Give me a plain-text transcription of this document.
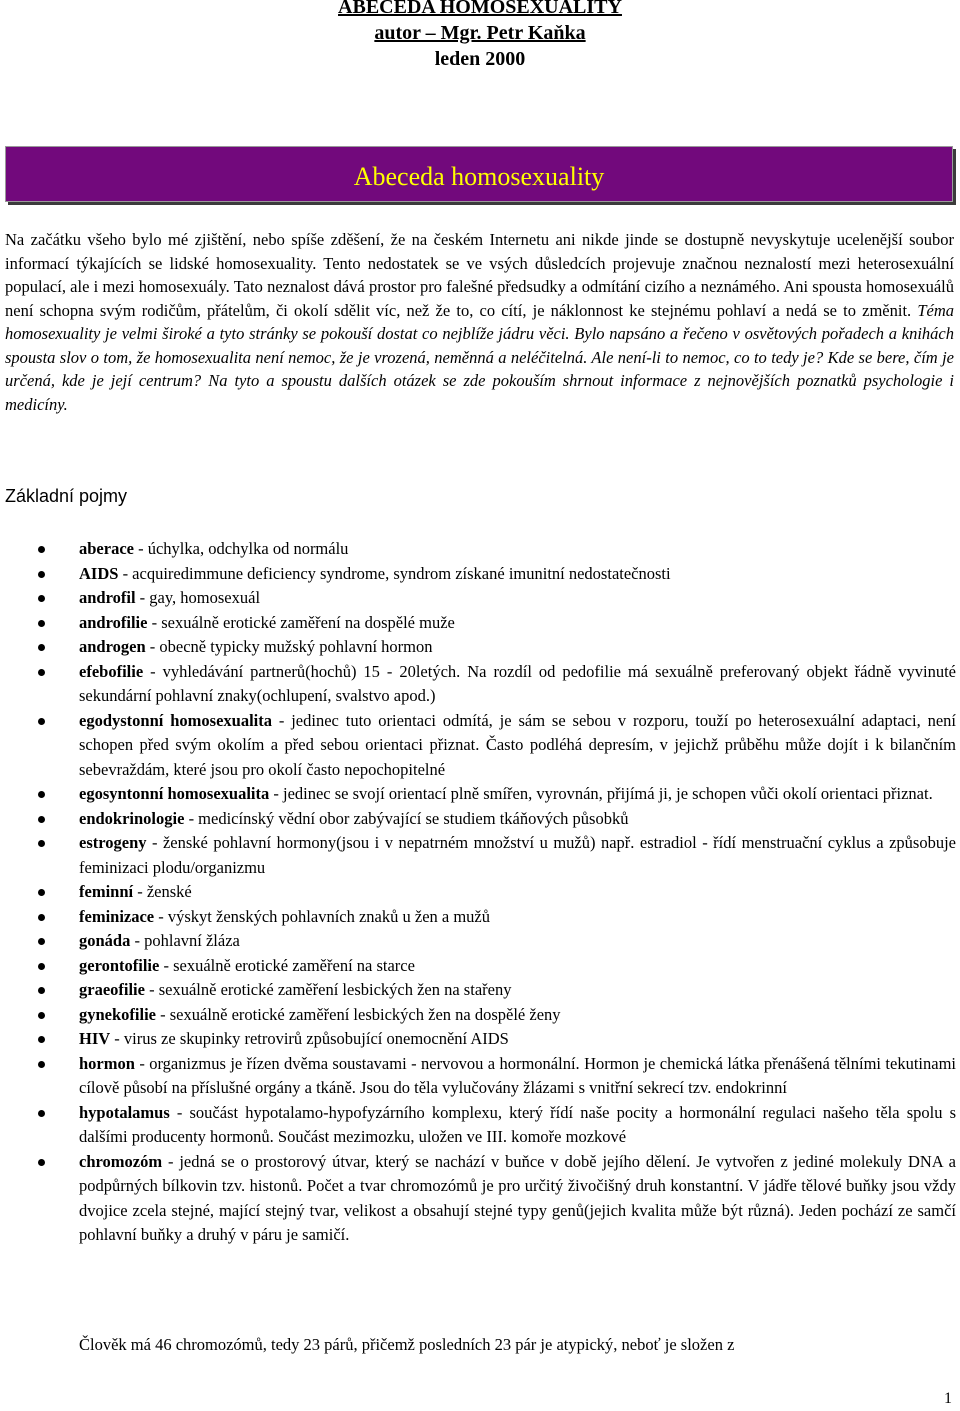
ABECEDA HOMOSEXUALITY
autor – Mgr. Petr Kaňka
leden 2000
Abeceda homosexuality
Na začátku všeho bylo mé zjištění, nebo spíše zděšení, že na českém Internetu ani nikde jinde se dostupně nevyskytuje ucelenější soubor informací týkajících se lidské homosexuality. Tento nedostatek se ve vsých důsledcích projevuje značnou neznalostí mezi heterosexuální populací, ale i mezi homosexuály. Tato neznalost dává prostor pro falešné předsudky a odmítání cizího a neznámého. Ani spousta homosexuálů není schopna svým rodičům, přátelům, či okolí sdělit víc, než že to, co cítí, je náklonnost ke stejnému pohlaví a nedá se to změnit. Téma homosexuality je velmi široké a tyto stránky se pokouší dostat co nejblíže jádru věci. Bylo napsáno a řečeno v osvětových pořadech a knihách spousta slov o tom, že homosexualita není nemoc, že je vrozená, neměnná a neléčitelná. Ale není-li to nemoc, co to tedy je? Kde se bere, čím je určená, kde je její centrum? Na tyto a spoustu dalších otázek se zde pokouším shrnout informace z nejnovějších poznatků psychologie i medicíny.
Základní pojmy
aberace - úchylka, odchylka od normálu
AIDS - acquiredimmune deficiency syndrome, syndrom získané imunitní nedostatečnosti
androfil - gay, homosexuál
androfilie - sexuálně erotické zaměření na dospělé muže
androgen - obecně typicky mužský pohlavní hormon
efebofilie - vyhledávání partnerů(hochů) 15 - 20letých. Na rozdíl od pedofilie má sexuálně preferovaný objekt řádně vyvinuté sekundární pohlavní znaky(ochlupení, svalstvo apod.)
egodystonní homosexualita - jedinec tuto orientaci odmítá, je sám se sebou v rozporu, touží po heterosexuální adaptaci, není schopen před svým okolím a před sebou orientaci přiznat. Často podléhá depresím, v jejichž průběhu může dojít i k bilančním sebevraždám, které jsou pro okolí často nepochopitelné
egosyntonní homosexualita - jedinec se svojí orientací plně smířen, vyrovnán, přijímá ji, je schopen vůči okolí orientaci přiznat.
endokrinologie - medicínský vědní obor zabývající se studiem tkáňových působků
estrogeny - ženské pohlavní hormony(jsou i v nepatrném množství u mužů) např. estradiol - řídí menstruační cyklus a způsobuje feminizaci plodu/organizmu
feminní - ženské
feminizace - výskyt ženských pohlavních znaků u žen a mužů
gonáda - pohlavní žláza
gerontofilie - sexuálně erotické zaměření na starce
graeofilie - sexuálně erotické zaměření lesbických žen na stařeny
gynekofilie - sexuálně erotické zaměření lesbických žen na dospělé ženy
HIV - virus ze skupinky retrovirů způsobující onemocnění AIDS
hormon - organizmus je řízen dvěma soustavami - nervovou a hormonální. Hormon je chemická látka přenášená tělními tekutinami cílově působí na příslušné orgány a tkáně. Jsou do těla vylučovány žlázami s vnitřní sekrecí tzv. endokrinní
hypotalamus - součást hypotalamo-hypofyzárního komplexu, který řídí naše pocity a hormonální regulaci našeho těla spolu s dalšími producenty hormonů. Součást mezimozku, uložen ve III. komoře mozkové
chromozóm - jedná se o prostorový útvar, který se nachází v buňce v době jejího dělení. Je vytvořen z jediné molekuly DNA a podpůrných bílkovin tzv. histonů. Počet a tvar chromozómů je pro určitý živočišný druh konstantní. V jádře tělové buňky jsou vždy dvojice zcela stejné, mající stejný tvar, velikost a obsahují stejné typy genů(jejich kvalita může být různá). Jeden pochází ze samčí pohlavní buňky a druhý v páru je samičí.
Člověk má 46 chromozómů, tedy 23 párů, přičemž posledních 23 pár je atypický, neboť je složen z
1
